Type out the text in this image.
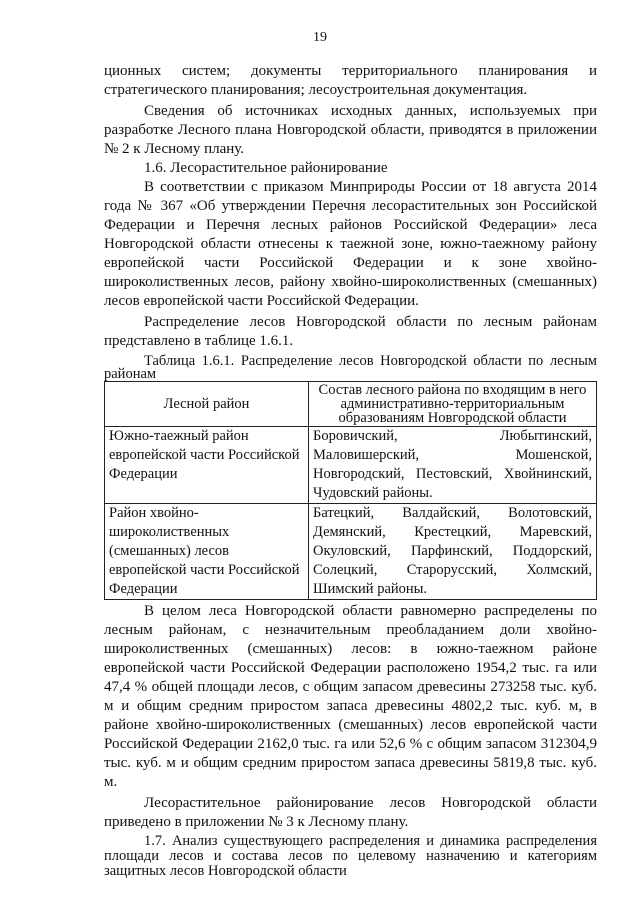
19

ционных систем; документы территориального планирования и стратегического планирования; лесоустроительная документация.

Сведения об источниках исходных данных, используемых при разработке Лесного плана Новгородской области, приводятся в приложении № 2 к Лесному плану.

1.6. Лесорастительное районирование

В соответствии с приказом Минприроды России от 18 августа 2014 года № 367 «Об утверждении Перечня лесорастительных зон Российской Федерации и Перечня лесных районов Российской Федерации» леса Новгородской области отнесены к таежной зоне, южно-таежному району европейской части Российской Федерации и к зоне хвойно-широколиственных лесов, району хвойно-широколиственных (смешанных) лесов европейской части Российской Федерации.

Распределение лесов Новгородской области по лесным районам представлено в таблице 1.6.1.

Таблица 1.6.1. Распределение лесов Новгородской области по лесным районам

Лесной район	Состав лесного района по входящим в него административно-территориальным образованиям Новгородской области
Южно-таежный район европейской части Российской Федерации	Боровичский, Любытинский, Маловишерский, Мошенской, Новгородский, Пестовский, Хвойнинский, Чудовский районы.
Район хвойно-широколиственных (смешанных) лесов европейской части Российской Федерации	Батецкий, Валдайский, Волотовский, Демянский, Крестецкий, Маревский, Окуловский, Парфинский, Поддорский, Солецкий, Старорусский, Холмский, Шимский районы.

В целом леса Новгородской области равномерно распределены по лесным районам, с незначительным преобладанием доли хвойно-широколиственных (смешанных) лесов: в южно-таежном районе европейской части Российской Федерации расположено 1954,2 тыс. га или 47,4 % общей площади лесов, с общим запасом древесины 273258 тыс. куб. м и общим средним приростом запаса древесины 4802,2 тыс. куб. м, в районе хвойно-широколиственных (смешанных) лесов европейской части Российской Федерации 2162,0 тыс. га или 52,6 % с общим запасом 312304,9 тыс. куб. м и общим средним приростом запаса древесины 5819,8 тыс. куб. м.

Лесорастительное районирование лесов Новгородской области приведено в приложении № 3 к Лесному плану.

1.7. Анализ существующего распределения и динамика распределения площади лесов и состава лесов по целевому назначению и категориям защитных лесов Новгородской области
